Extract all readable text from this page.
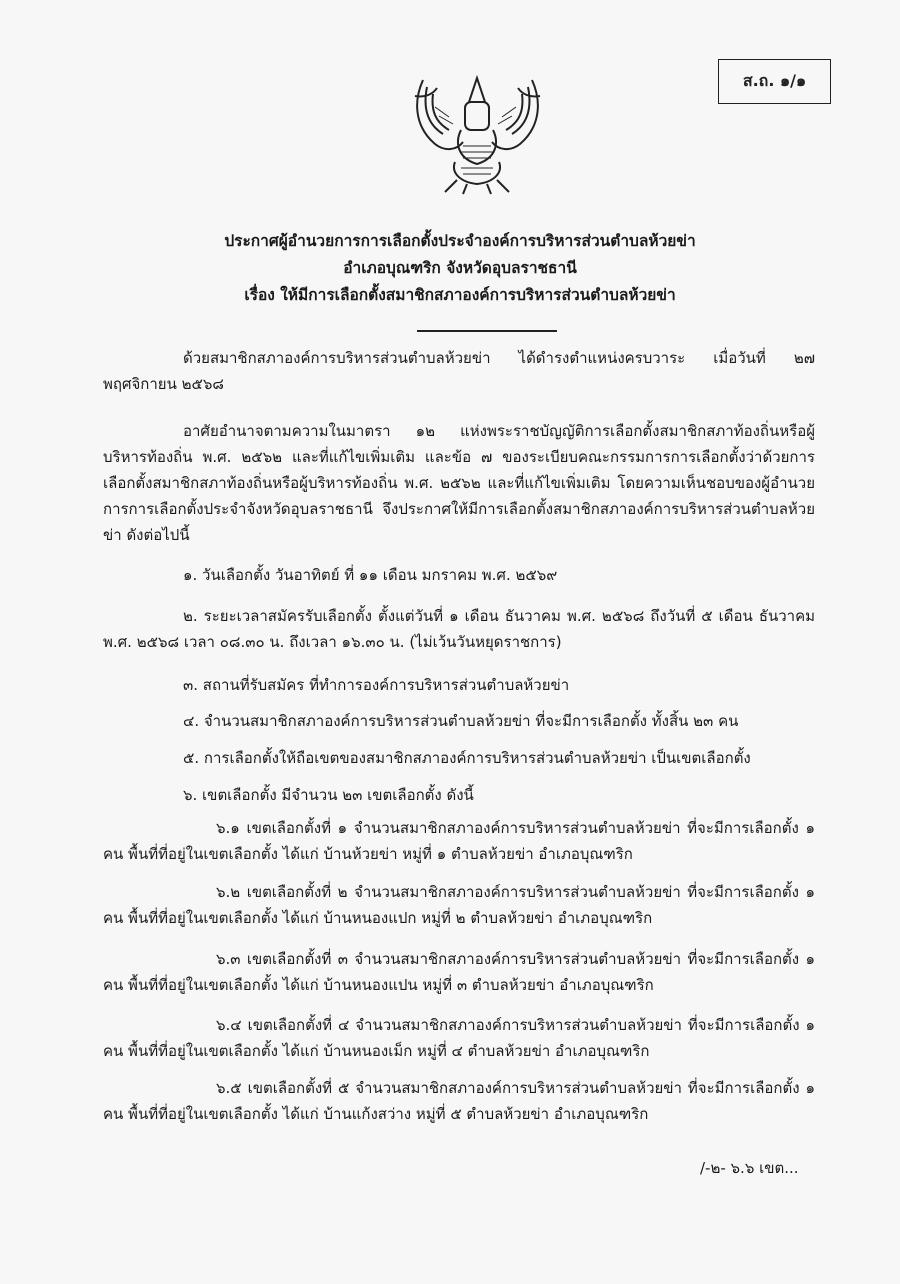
ส.ถ. ๑/๑
ประกาศผู้อำนวยการการเลือกตั้งประจำองค์การบริหารส่วนตำบลห้วยข่า
อำเภอบุณฑริก จังหวัดอุบลราชธานี
เรื่อง ให้มีการเลือกตั้งสมาชิกสภาองค์การบริหารส่วนตำบลห้วยข่า
ด้วยสมาชิกสภาองค์การบริหารส่วนตำบลห้วยข่า ได้ดำรงตำแหน่งครบวาระ เมื่อวันที่ ๒๗ พฤศจิกายน ๒๕๖๘
อาศัยอำนาจตามความในมาตรา ๑๒ แห่งพระราชบัญญัติการเลือกตั้งสมาชิกสภาท้องถิ่นหรือผู้บริหารท้องถิ่น พ.ศ. ๒๕๖๒ และที่แก้ไขเพิ่มเติม และข้อ ๗ ของระเบียบคณะกรรมการการเลือกตั้งว่าด้วยการเลือกตั้งสมาชิกสภาท้องถิ่นหรือผู้บริหารท้องถิ่น พ.ศ. ๒๕๖๒ และที่แก้ไขเพิ่มเติม โดยความเห็นชอบของผู้อำนวยการการเลือกตั้งประจำจังหวัดอุบลราชธานี จึงประกาศให้มีการเลือกตั้งสมาชิกสภาองค์การบริหารส่วนตำบลห้วยข่า ดังต่อไปนี้
๑. วันเลือกตั้ง วันอาทิตย์ ที่ ๑๑ เดือน มกราคม พ.ศ. ๒๕๖๙
๒. ระยะเวลาสมัครรับเลือกตั้ง ตั้งแต่วันที่ ๑ เดือน ธันวาคม พ.ศ. ๒๕๖๘ ถึงวันที่ ๕ เดือน ธันวาคม พ.ศ. ๒๕๖๘ เวลา ๐๘.๓๐ น. ถึงเวลา ๑๖.๓๐ น. (ไม่เว้นวันหยุดราชการ)
๓. สถานที่รับสมัคร ที่ทำการองค์การบริหารส่วนตำบลห้วยข่า
๔. จำนวนสมาชิกสภาองค์การบริหารส่วนตำบลห้วยข่า ที่จะมีการเลือกตั้ง ทั้งสิ้น ๒๓ คน
๕. การเลือกตั้งให้ถือเขตของสมาชิกสภาองค์การบริหารส่วนตำบลห้วยข่า เป็นเขตเลือกตั้ง
๖. เขตเลือกตั้ง มีจำนวน ๒๓ เขตเลือกตั้ง ดังนี้
๖.๑ เขตเลือกตั้งที่ ๑ จำนวนสมาชิกสภาองค์การบริหารส่วนตำบลห้วยข่า ที่จะมีการเลือกตั้ง ๑ คน พื้นที่ที่อยู่ในเขตเลือกตั้ง ได้แก่ บ้านห้วยข่า หมู่ที่ ๑ ตำบลห้วยข่า อำเภอบุณฑริก
๖.๒ เขตเลือกตั้งที่ ๒ จำนวนสมาชิกสภาองค์การบริหารส่วนตำบลห้วยข่า ที่จะมีการเลือกตั้ง ๑ คน พื้นที่ที่อยู่ในเขตเลือกตั้ง ได้แก่ บ้านหนองแปก หมู่ที่ ๒ ตำบลห้วยข่า อำเภอบุณฑริก
๖.๓ เขตเลือกตั้งที่ ๓ จำนวนสมาชิกสภาองค์การบริหารส่วนตำบลห้วยข่า ที่จะมีการเลือกตั้ง ๑ คน พื้นที่ที่อยู่ในเขตเลือกตั้ง ได้แก่ บ้านหนองแปน หมู่ที่ ๓ ตำบลห้วยข่า อำเภอบุณฑริก
๖.๔ เขตเลือกตั้งที่ ๔ จำนวนสมาชิกสภาองค์การบริหารส่วนตำบลห้วยข่า ที่จะมีการเลือกตั้ง ๑ คน พื้นที่ที่อยู่ในเขตเลือกตั้ง ได้แก่ บ้านหนองเม็ก หมู่ที่ ๔ ตำบลห้วยข่า อำเภอบุณฑริก
๖.๕ เขตเลือกตั้งที่ ๕ จำนวนสมาชิกสภาองค์การบริหารส่วนตำบลห้วยข่า ที่จะมีการเลือกตั้ง ๑ คน พื้นที่ที่อยู่ในเขตเลือกตั้ง ได้แก่ บ้านแก้งสว่าง หมู่ที่ ๕ ตำบลห้วยข่า อำเภอบุณฑริก
/-๒- ๖.๖ เขต...
